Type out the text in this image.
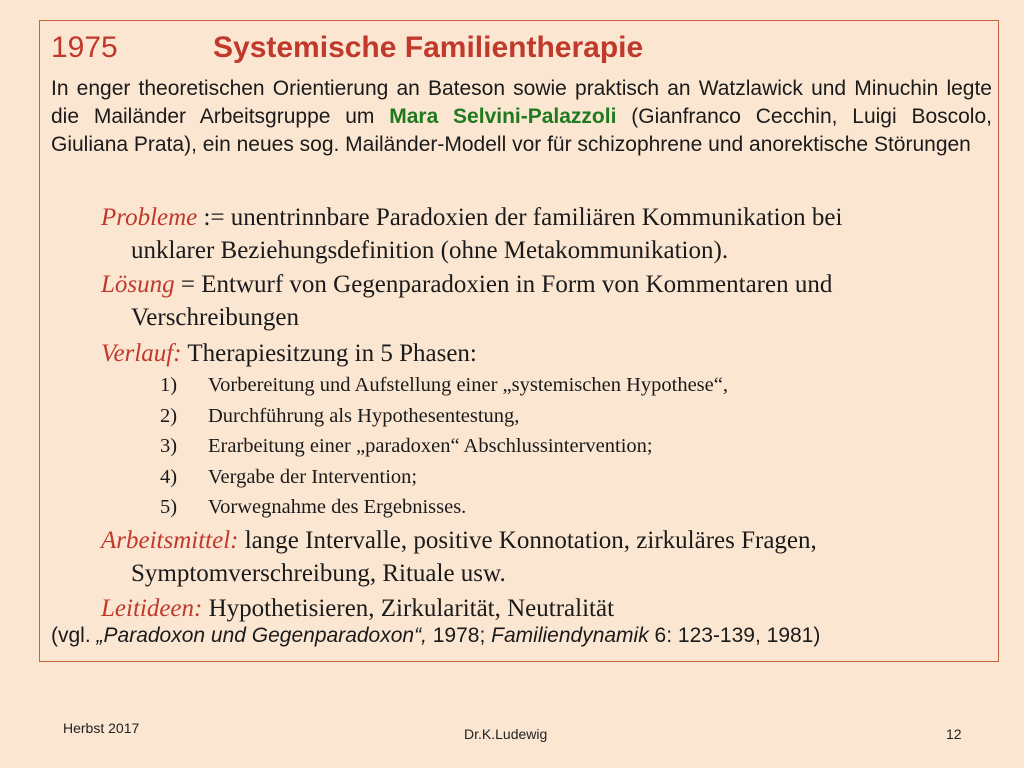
1975	Systemische Familientherapie
In enger theoretischen Orientierung an Bateson sowie praktisch an Watzlawick und Minuchin legte die Mailänder Arbeitsgruppe um Mara Selvini-Palazzoli (Gianfranco Cecchin, Luigi Boscolo, Giuliana Prata), ein neues sog. Mailänder-Modell vor für schizophrene und anorektische Störungen
Probleme := unentrinnbare Paradoxien der familiären Kommunikation bei
unklarer Beziehungsdefinition (ohne Metakommunikation).
Lösung = Entwurf von Gegenparadoxien in Form von Kommentaren und
Verschreibungen
Verlauf: Therapiesitzung in 5 Phasen:
1) Vorbereitung und Aufstellung einer „systemischen Hypothese“,
2) Durchführung als Hypothesentestung,
3) Erarbeitung einer „paradoxen“ Abschlussintervention;
4) Vergabe der Intervention;
5) Vorwegnahme des Ergebnisses.
Arbeitsmittel: lange Intervalle, positive Konnotation, zirkuläres Fragen,
Symptomverschreibung, Rituale usw.
Leitideen: Hypothetisieren, Zirkularität, Neutralität
(vgl. „Paradoxon und Gegenparadoxon“, 1978; Familiendynamik 6: 123-139, 1981)
Herbst 2017	Dr.K.Ludewig	12
